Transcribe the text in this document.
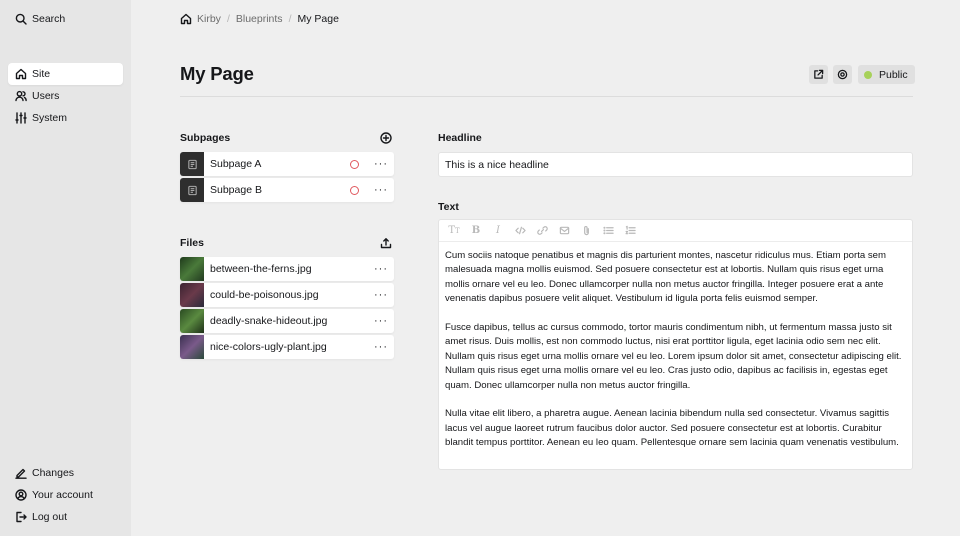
Search
Site
Users
System
Changes
Your account
Log out
Kirby / Blueprints / My Page
My Page	Public
Subpages
Subpage A	···
Subpage B	···
Files
between-the-ferns.jpg	···
could-be-poisonous.jpg	···
deadly-snake-hideout.jpg	···
nice-colors-ugly-plant.jpg	···
Headline
This is a nice headline
Text
T T	B	I

Cum sociis natoque penatibus et magnis dis parturient montes, nascetur ridiculus mus. Etiam porta sem malesuada magna mollis euismod. Sed posuere consectetur est at lobortis. Nullam quis risus eget urna mollis ornare vel eu leo. Donec ullamcorper nulla non metus auctor fringilla. Integer posuere erat a ante venenatis dapibus posuere velit aliquet. Vestibulum id ligula porta felis euismod semper.

Fusce dapibus, tellus ac cursus commodo, tortor mauris condimentum nibh, ut fermentum massa justo sit amet risus. Duis mollis, est non commodo luctus, nisi erat porttitor ligula, eget lacinia odio sem nec elit. Nullam quis risus eget urna mollis ornare vel eu leo. Lorem ipsum dolor sit amet, consectetur adipiscing elit. Nullam quis risus eget urna mollis ornare vel eu leo. Cras justo odio, dapibus ac facilisis in, egestas eget quam. Donec ullamcorper nulla non metus auctor fringilla.

Nulla vitae elit libero, a pharetra augue. Aenean lacinia bibendum nulla sed consectetur. Vivamus sagittis lacus vel augue laoreet rutrum faucibus dolor auctor. Sed posuere consectetur est at lobortis. Curabitur blandit tempus porttitor. Aenean eu leo quam. Pellentesque ornare sem lacinia quam venenatis vestibulum.
